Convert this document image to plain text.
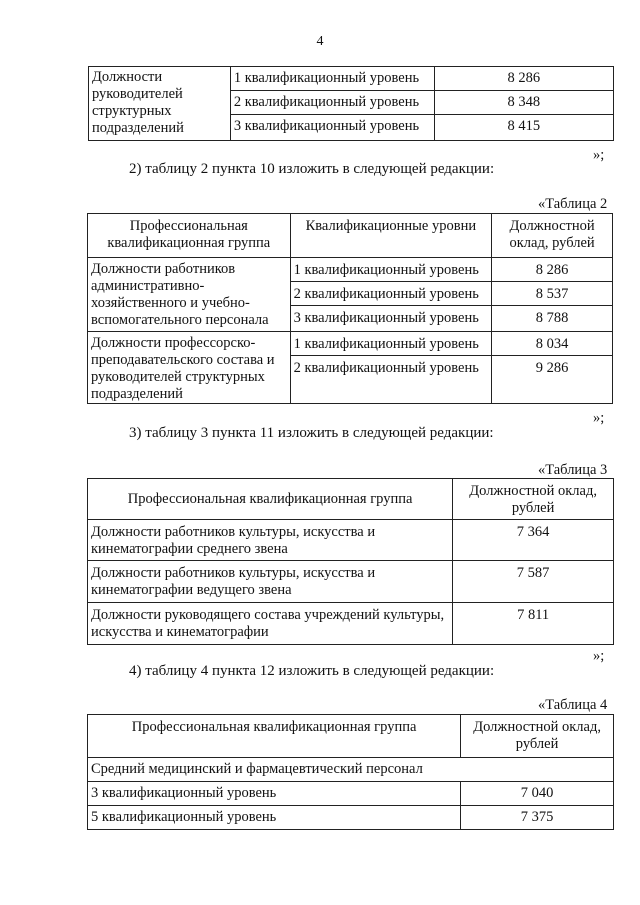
4
Должности руководителей структурных подразделений	1 квалификационный уровень	8 286
	2 квалификационный уровень	8 348
	3 квалификационный уровень	8 415
»;
2) таблицу 2 пункта 10 изложить в следующей редакции:
«Таблица 2
Профессиональная квалификационная группа	Квалификационные уровни	Должностной оклад, рублей
Должности работников административно-хозяйственного и учебно-вспомогательного персонала	1 квалификационный уровень	8 286
	2 квалификационный уровень	8 537
	3 квалификационный уровень	8 788
Должности профессорско-преподавательского состава и руководителей структурных подразделений	1 квалификационный уровень	8 034
	2 квалификационный уровень	9 286
»;
3) таблицу 3 пункта 11 изложить в следующей редакции:
«Таблица 3
Профессиональная квалификационная группа	Должностной оклад, рублей
Должности работников культуры, искусства и кинематографии среднего звена	7 364
Должности работников культуры, искусства и кинематографии ведущего звена	7 587
Должности руководящего состава учреждений культуры, искусства и кинематографии	7 811
»;
4) таблицу 4 пункта 12 изложить в следующей редакции:
«Таблица 4
Профессиональная квалификационная группа	Должностной оклад, рублей
Средний медицинский и фармацевтический персонал	
3 квалификационный уровень	7 040
5 квалификационный уровень	7 375
